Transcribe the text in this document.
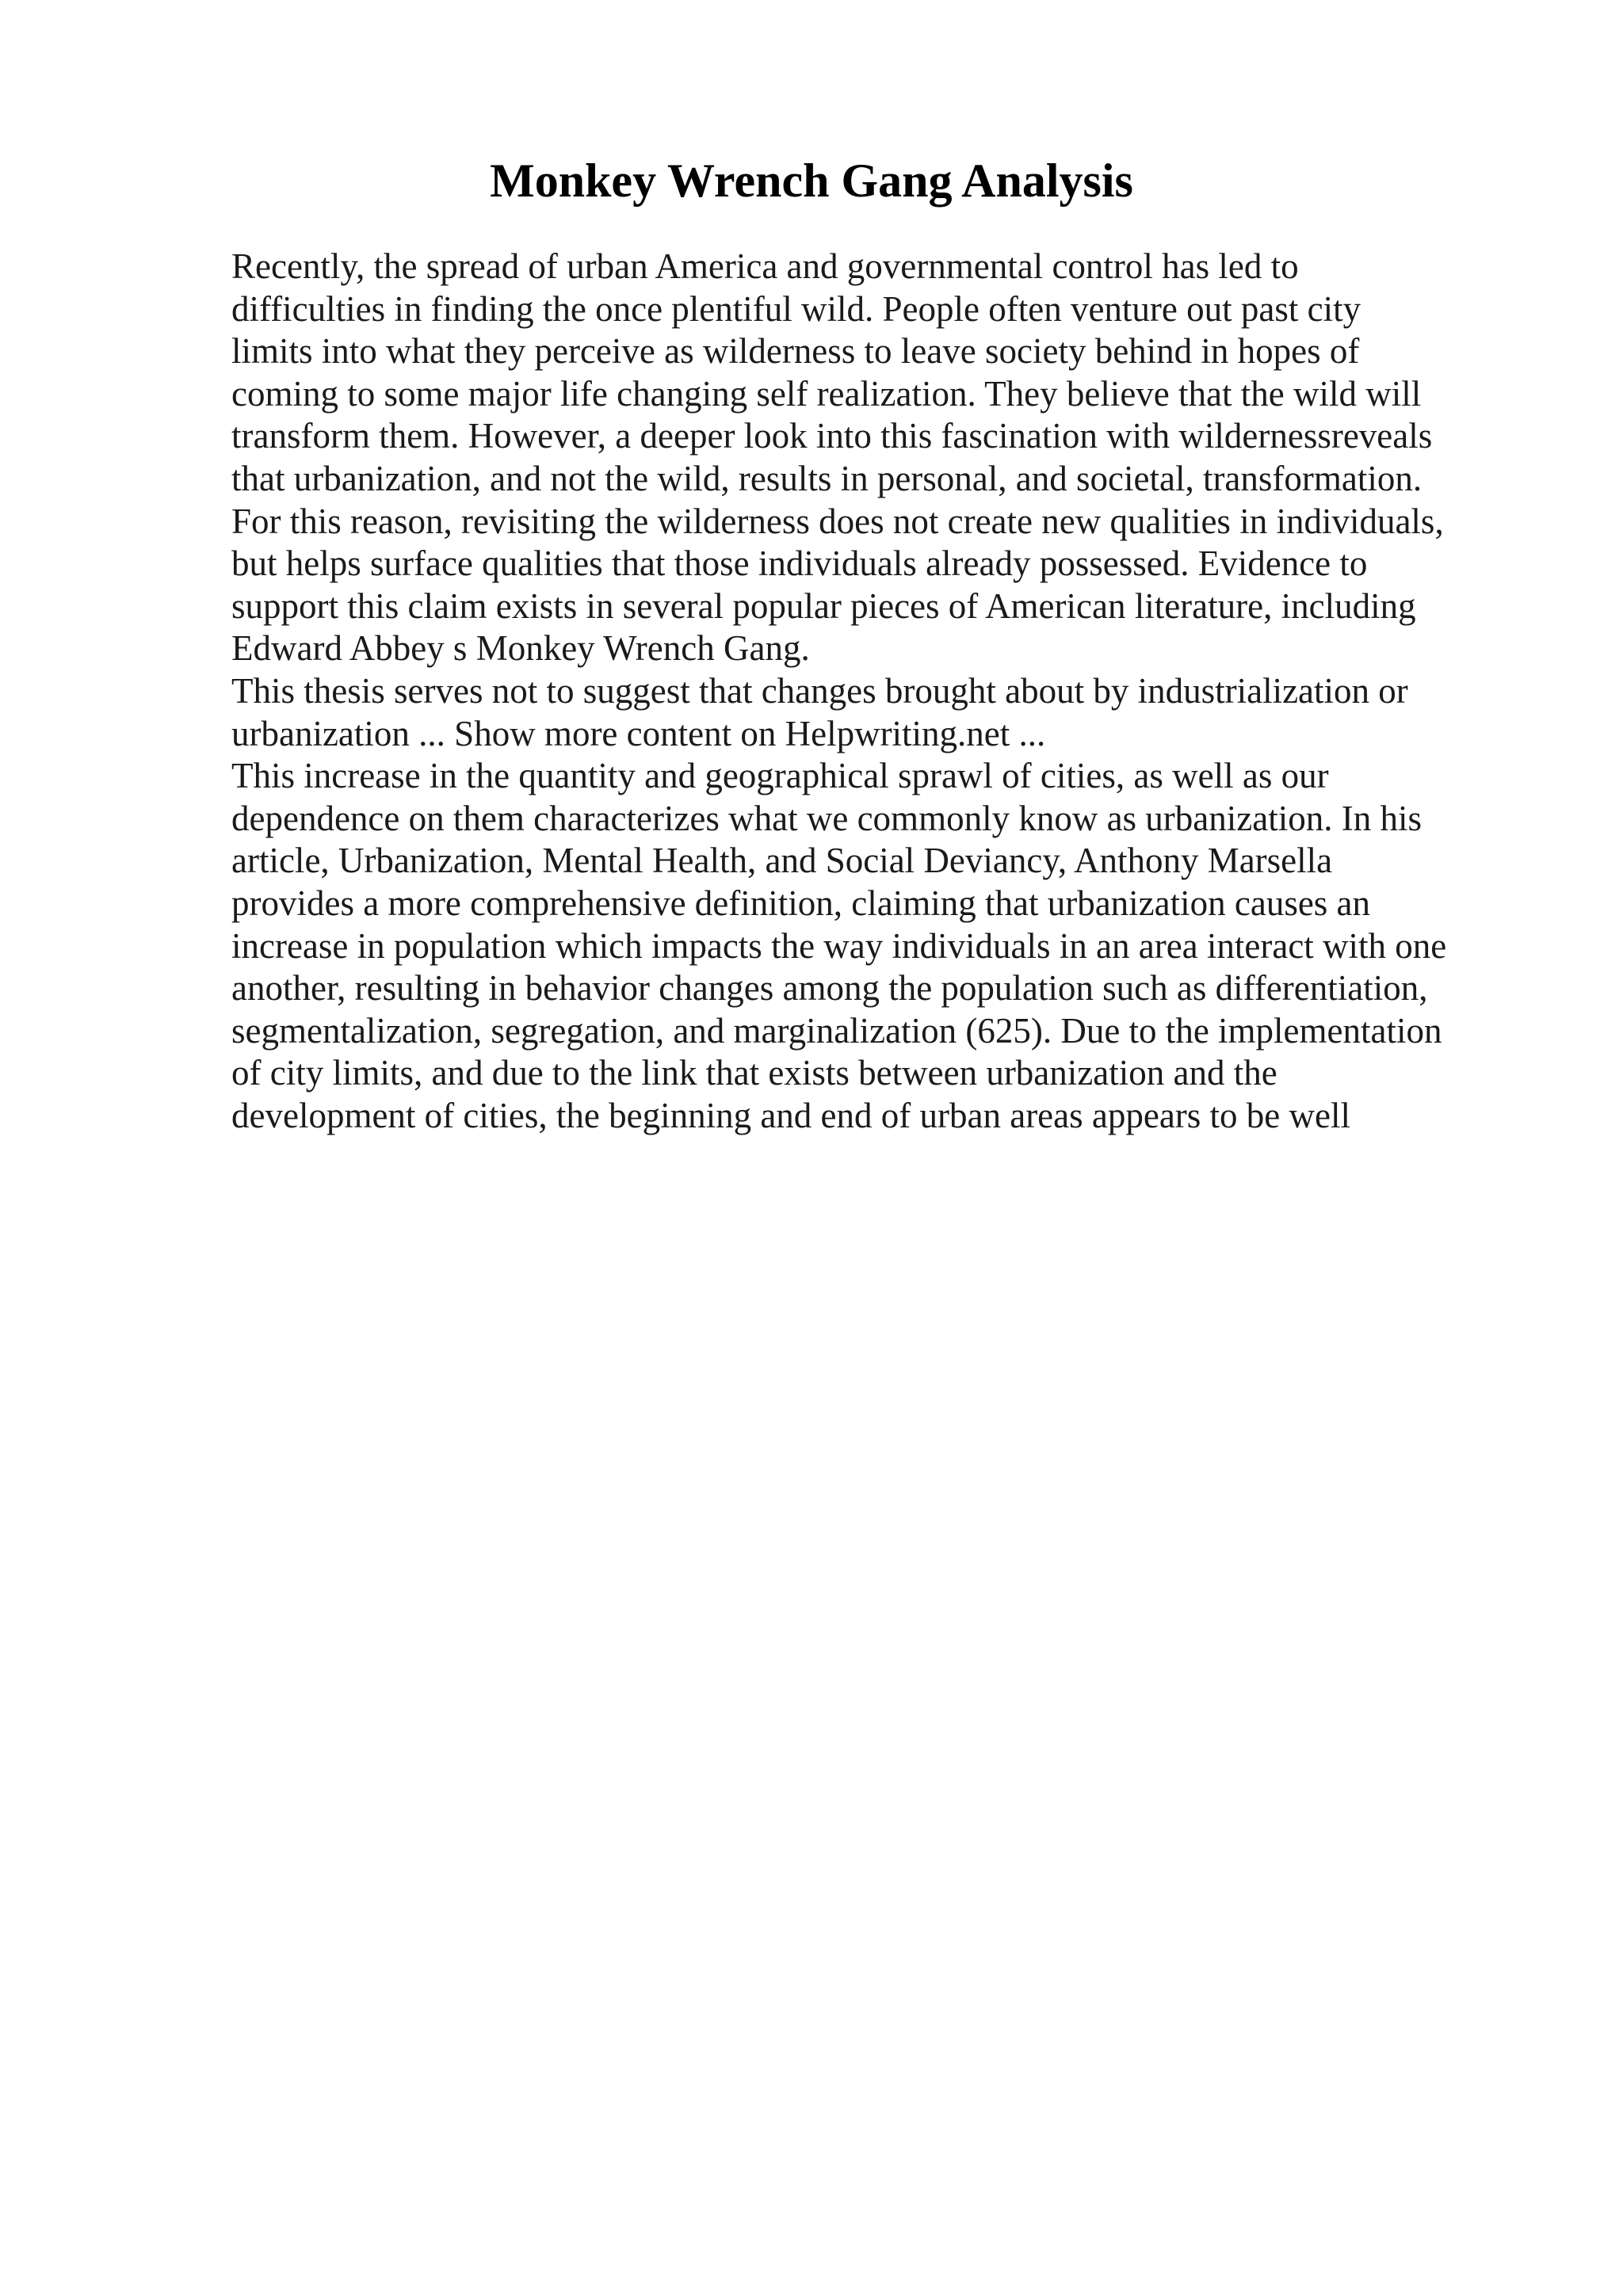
Monkey Wrench Gang Analysis
Recently, the spread of urban America and governmental control has led to
difficulties in finding the once plentiful wild. People often venture out past city
limits into what they perceive as wilderness to leave society behind in hopes of
coming to some major life changing self realization. They believe that the wild will
transform them. However, a deeper look into this fascination with wildernessreveals
that urbanization, and not the wild, results in personal, and societal, transformation.
For this reason, revisiting the wilderness does not create new qualities in individuals,
but helps surface qualities that those individuals already possessed. Evidence to
support this claim exists in several popular pieces of American literature, including
Edward Abbey s Monkey Wrench Gang.
This thesis serves not to suggest that changes brought about by industrialization or
urbanization ... Show more content on Helpwriting.net ...
This increase in the quantity and geographical sprawl of cities, as well as our
dependence on them characterizes what we commonly know as urbanization. In his
article, Urbanization, Mental Health, and Social Deviancy, Anthony Marsella
provides a more comprehensive definition, claiming that urbanization causes an
increase in population which impacts the way individuals in an area interact with one
another, resulting in behavior changes among the population such as differentiation,
segmentalization, segregation, and marginalization (625). Due to the implementation
of city limits, and due to the link that exists between urbanization and the
development of cities, the beginning and end of urban areas appears to be well
